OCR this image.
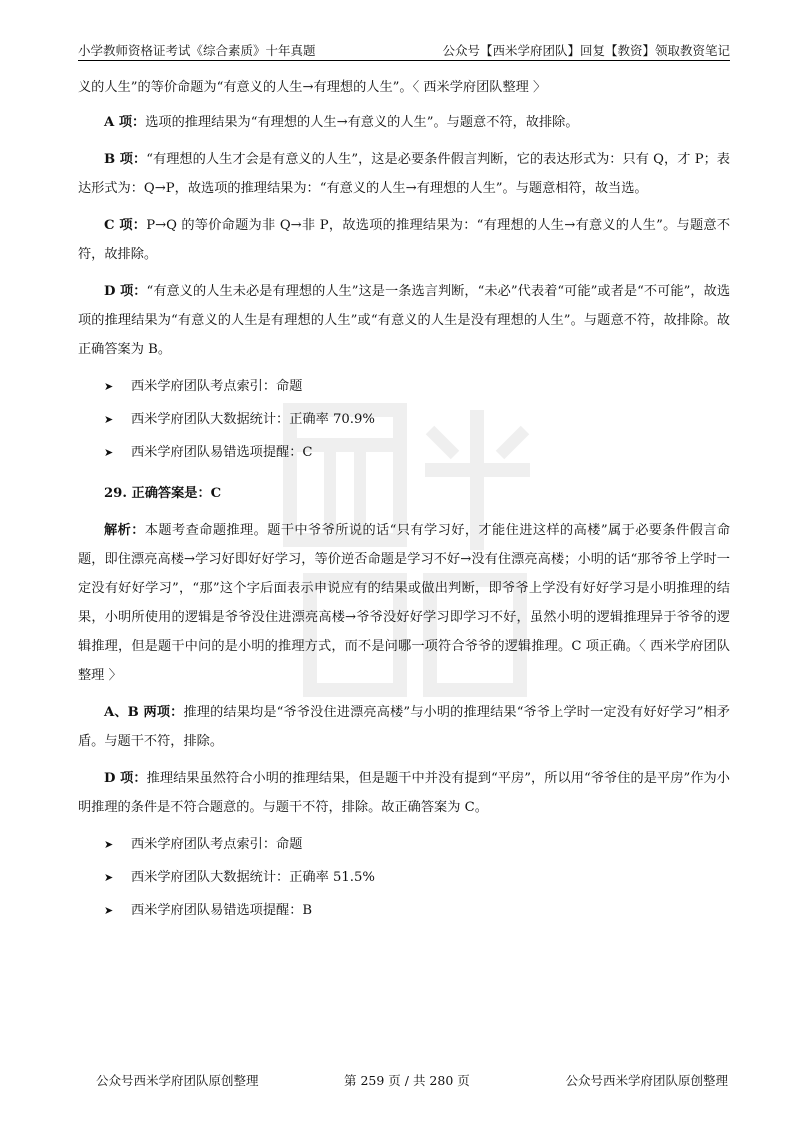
小学教师资格证考试《综合素质》十年真题	公众号【西米学府团队】回复【教资】领取教资笔记

义的人生”的等价命题为“有意义的人生→有理想的人生”。〈 西米学府团队整理 〉

A 项：选项的推理结果为“有理想的人生→有意义的人生”。与题意不符，故排除。

B 项：“有理想的人生才会是有意义的人生”，这是必要条件假言判断，它的表达形式为：只有 Q，才 P；表达形式为：Q→P，故选项的推理结果为：“有意义的人生→有理想的人生”。与题意相符，故当选。

C 项：P→Q 的等价命题为非 Q→非 P，故选项的推理结果为：“有理想的人生→有意义的人生”。与题意不符，故排除。

D 项：“有意义的人生未必是有理想的人生”这是一条选言判断，“未必”代表着“可能”或者是“不可能”，故选项的推理结果为“有意义的人生是有理想的人生”或“有意义的人生是没有理想的人生”。与题意不符，故排除。故正确答案为 B。

➤ 西米学府团队考点索引：命题
➤ 西米学府团队大数据统计：正确率 70.9%
➤ 西米学府团队易错选项提醒：C

29. 正确答案是：C

解析：本题考查命题推理。题干中爷爷所说的话“只有学习好，才能住进这样的高楼”属于必要条件假言命题，即住漂亮高楼→学习好即好好学习，等价逆否命题是学习不好→没有住漂亮高楼；小明的话“那爷爷上学时一定没有好好学习”，“那”这个字后面表示申说应有的结果或做出判断，即爷爷上学没有好好学习是小明推理的结果，小明所使用的逻辑是爷爷没住进漂亮高楼→爷爷没好好学习即学习不好，虽然小明的逻辑推理异于爷爷的逻辑推理，但是题干中问的是小明的推理方式，而不是问哪一项符合爷爷的逻辑推理。C 项正确。〈 西米学府团队整理 〉

A、B 两项：推理的结果均是“爷爷没住进漂亮高楼”与小明的推理结果“爷爷上学时一定没有好好学习”相矛盾。与题干不符，排除。

D 项：推理结果虽然符合小明的推理结果，但是题干中并没有提到“平房”，所以用“爷爷住的是平房”作为小明推理的条件是不符合题意的。与题干不符，排除。故正确答案为 C。

➤ 西米学府团队考点索引：命题
➤ 西米学府团队大数据统计：正确率 51.5%
➤ 西米学府团队易错选项提醒：B
公众号西米学府团队原创整理	第 259 页 / 共 280 页	公众号西米学府团队原创整理
